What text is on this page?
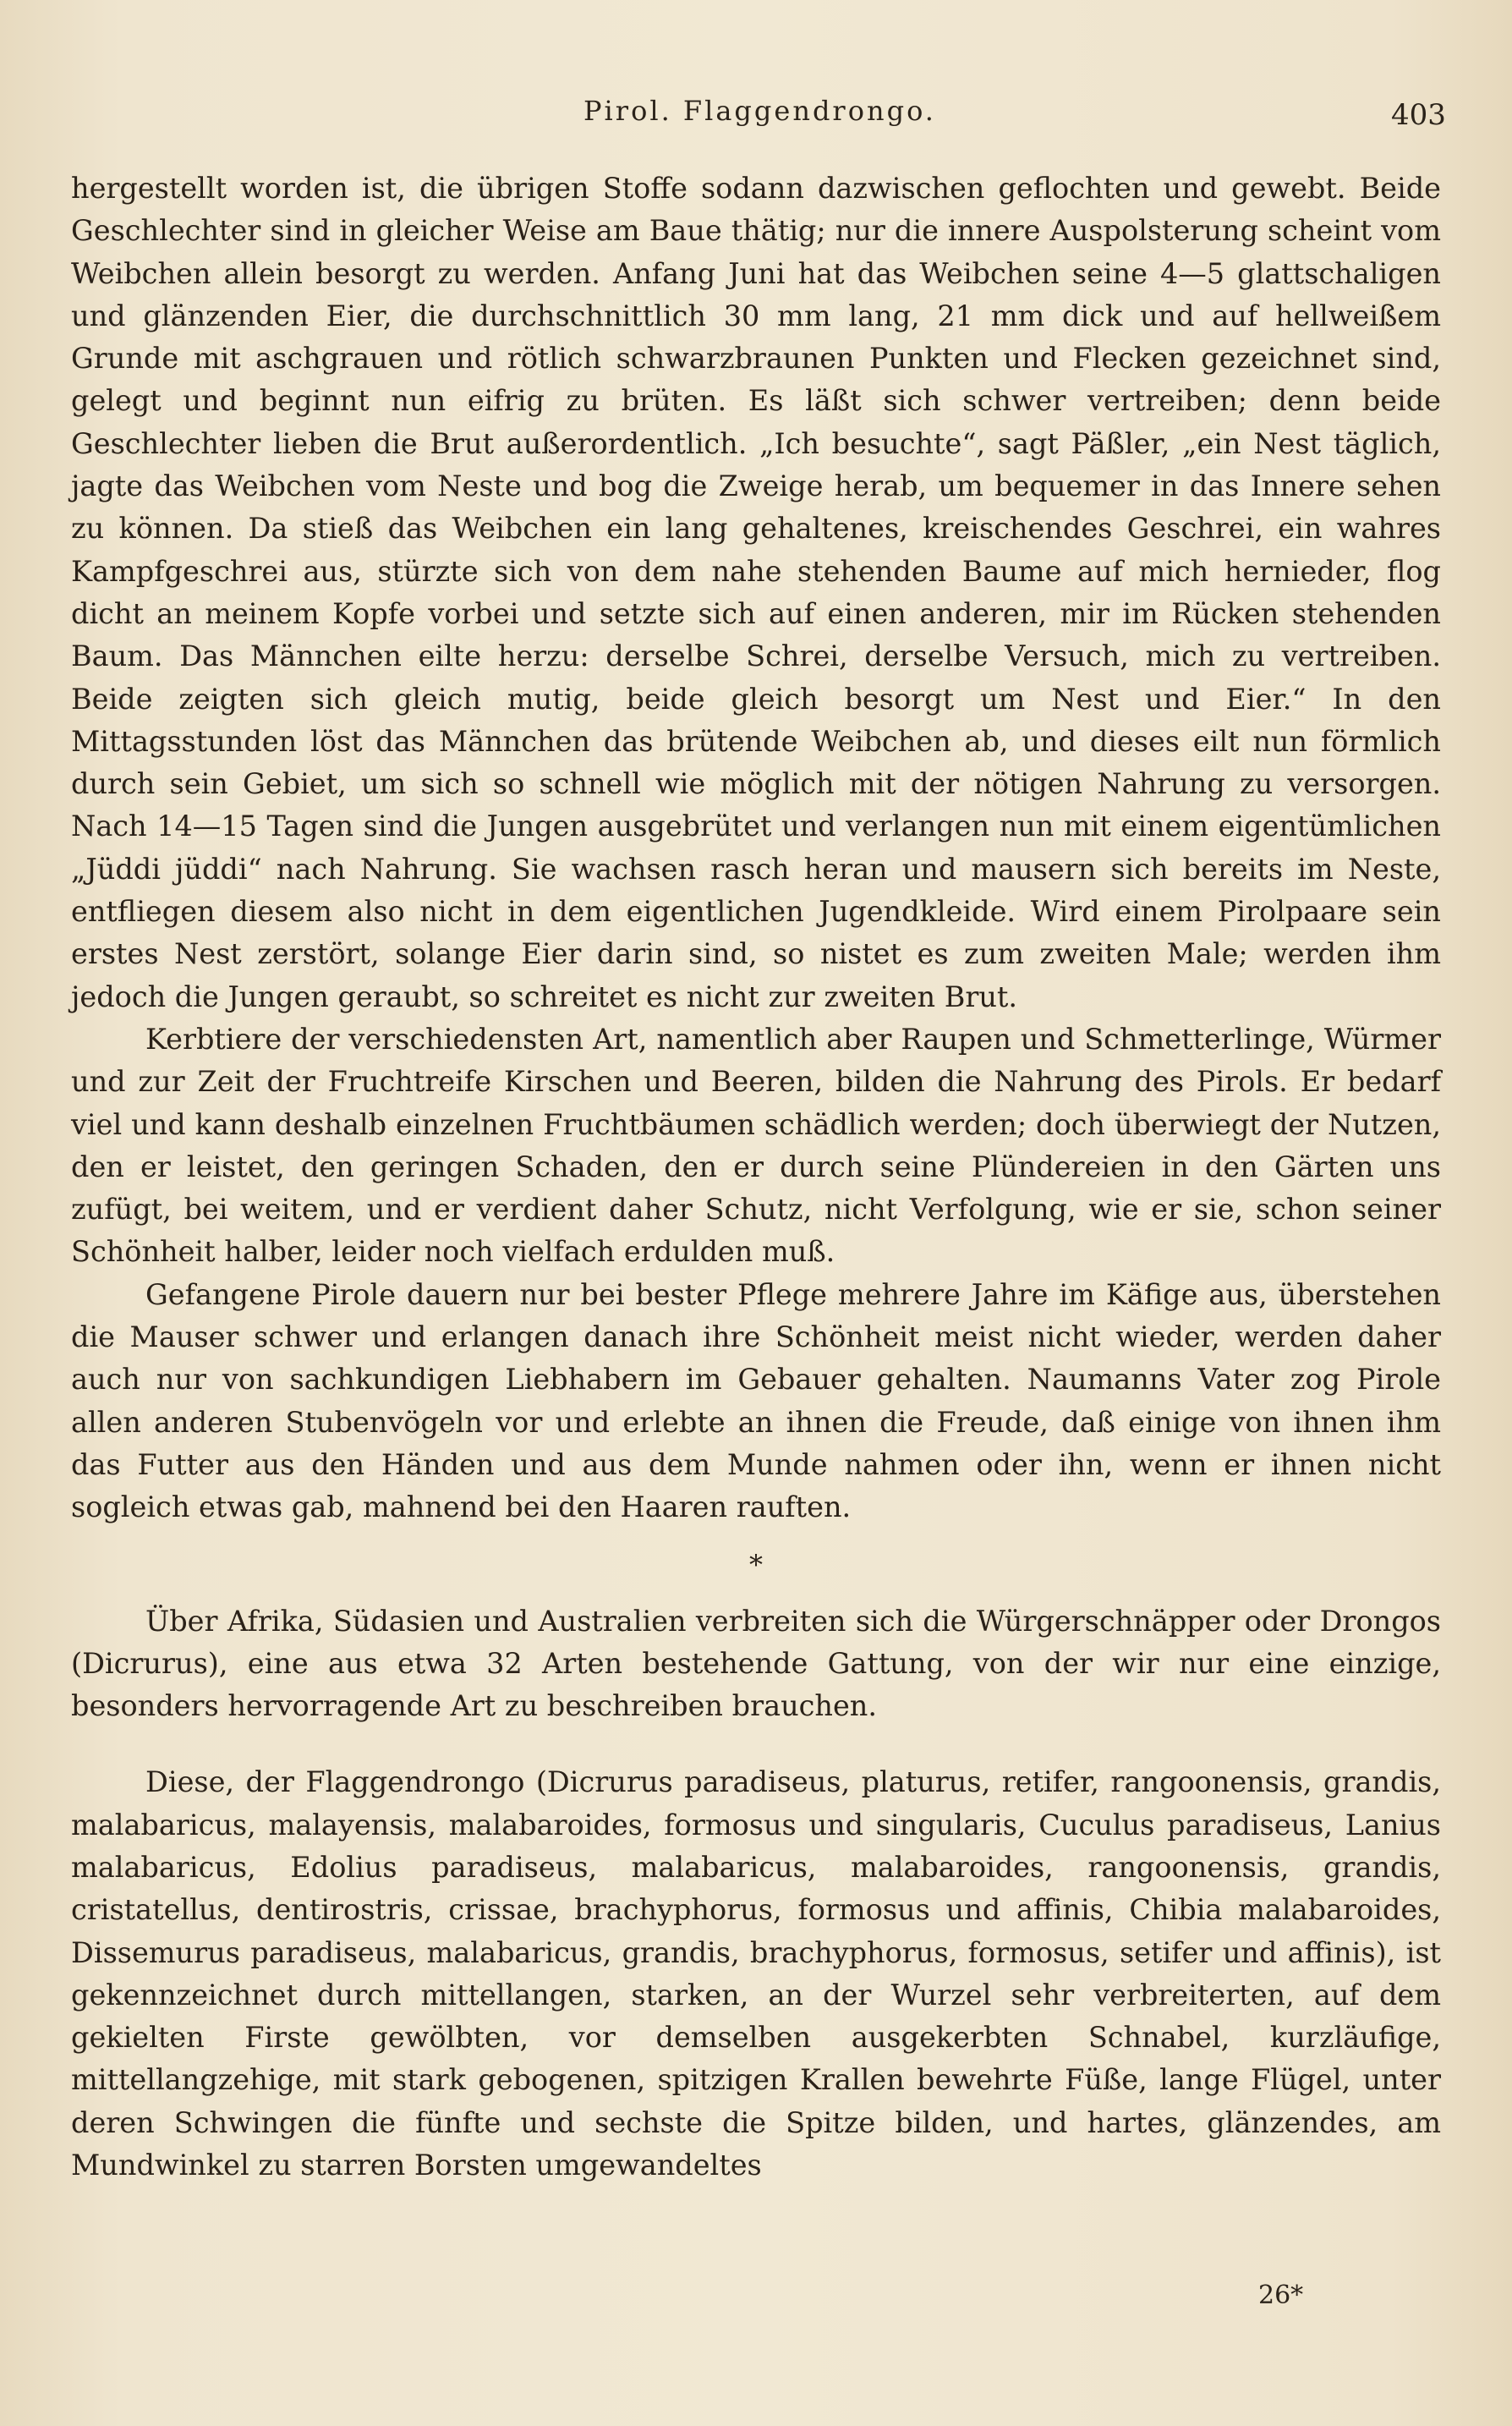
Pirol. Flaggendrongo.	403

hergestellt worden ist, die übrigen Stoffe sodann dazwischen geflochten und gewebt. Beide Geschlechter sind in gleicher Weise am Baue thätig; nur die innere Auspolsterung scheint vom Weibchen allein besorgt zu werden. Anfang Juni hat das Weibchen seine 4—5 glattschaligen und glänzenden Eier, die durchschnittlich 30 mm lang, 21 mm dick und auf hellweißem Grunde mit aschgrauen und rötlich schwarzbraunen Punkten und Flecken gezeichnet sind, gelegt und beginnt nun eifrig zu brüten. Es läßt sich schwer vertreiben; denn beide Geschlechter lieben die Brut außerordentlich. „Ich besuchte“, sagt Päßler, „ein Nest täglich, jagte das Weibchen vom Neste und bog die Zweige herab, um bequemer in das Innere sehen zu können. Da stieß das Weibchen ein lang gehaltenes, kreischendes Geschrei, ein wahres Kampfgeschrei aus, stürzte sich von dem nahe stehenden Baume auf mich hernieder, flog dicht an meinem Kopfe vorbei und setzte sich auf einen anderen, mir im Rücken stehenden Baum. Das Männchen eilte herzu: derselbe Schrei, derselbe Versuch, mich zu vertreiben. Beide zeigten sich gleich mutig, beide gleich besorgt um Nest und Eier.“ In den Mittagsstunden löst das Männchen das brütende Weibchen ab, und dieses eilt nun förmlich durch sein Gebiet, um sich so schnell wie möglich mit der nötigen Nahrung zu versorgen. Nach 14—15 Tagen sind die Jungen ausgebrütet und verlangen nun mit einem eigentümlichen „Jüddi jüddi“ nach Nahrung. Sie wachsen rasch heran und mausern sich bereits im Neste, entfliegen diesem also nicht in dem eigentlichen Jugendkleide. Wird einem Pirolpaare sein erstes Nest zerstört, solange Eier darin sind, so nistet es zum zweiten Male; werden ihm jedoch die Jungen geraubt, so schreitet es nicht zur zweiten Brut.

Kerbtiere der verschiedensten Art, namentlich aber Raupen und Schmetterlinge, Würmer und zur Zeit der Fruchtreife Kirschen und Beeren, bilden die Nahrung des Pirols. Er bedarf viel und kann deshalb einzelnen Fruchtbäumen schädlich werden; doch überwiegt der Nutzen, den er leistet, den geringen Schaden, den er durch seine Plündereien in den Gärten uns zufügt, bei weitem, und er verdient daher Schutz, nicht Verfolgung, wie er sie, schon seiner Schönheit halber, leider noch vielfach erdulden muß.

Gefangene Pirole dauern nur bei bester Pflege mehrere Jahre im Käfige aus, überstehen die Mauser schwer und erlangen danach ihre Schönheit meist nicht wieder, werden daher auch nur von sachkundigen Liebhabern im Gebauer gehalten. Naumanns Vater zog Pirole allen anderen Stubenvögeln vor und erlebte an ihnen die Freude, daß einige von ihnen ihm das Futter aus den Händen und aus dem Munde nahmen oder ihn, wenn er ihnen nicht sogleich etwas gab, mahnend bei den Haaren rauften.

*

Über Afrika, Südasien und Australien verbreiten sich die Würgerschnäpper oder Drongos (Dicrurus), eine aus etwa 32 Arten bestehende Gattung, von der wir nur eine einzige, besonders hervorragende Art zu beschreiben brauchen.

Diese, der Flaggendrongo (Dicrurus paradiseus, platurus, retifer, rangoonensis, grandis, malabaricus, malayensis, malabaroides, formosus und singularis, Cuculus paradiseus, Lanius malabaricus, Edolius paradiseus, malabaricus, malabaroides, rangoonensis, grandis, cristatellus, dentirostris, crissae, brachyphorus, formosus und affinis, Chibia malabaroides, Dissemurus paradiseus, malabaricus, grandis, brachyphorus, formosus, setifer und affinis), ist gekennzeichnet durch mittellangen, starken, an der Wurzel sehr verbreiterten, auf dem gekielten Firste gewölbten, vor demselben ausgekerbten Schnabel, kurzläufige, mittellangzehige, mit stark gebogenen, spitzigen Krallen bewehrte Füße, lange Flügel, unter deren Schwingen die fünfte und sechste die Spitze bilden, und hartes, glänzendes, am Mundwinkel zu starren Borsten umgewandeltes

26*
